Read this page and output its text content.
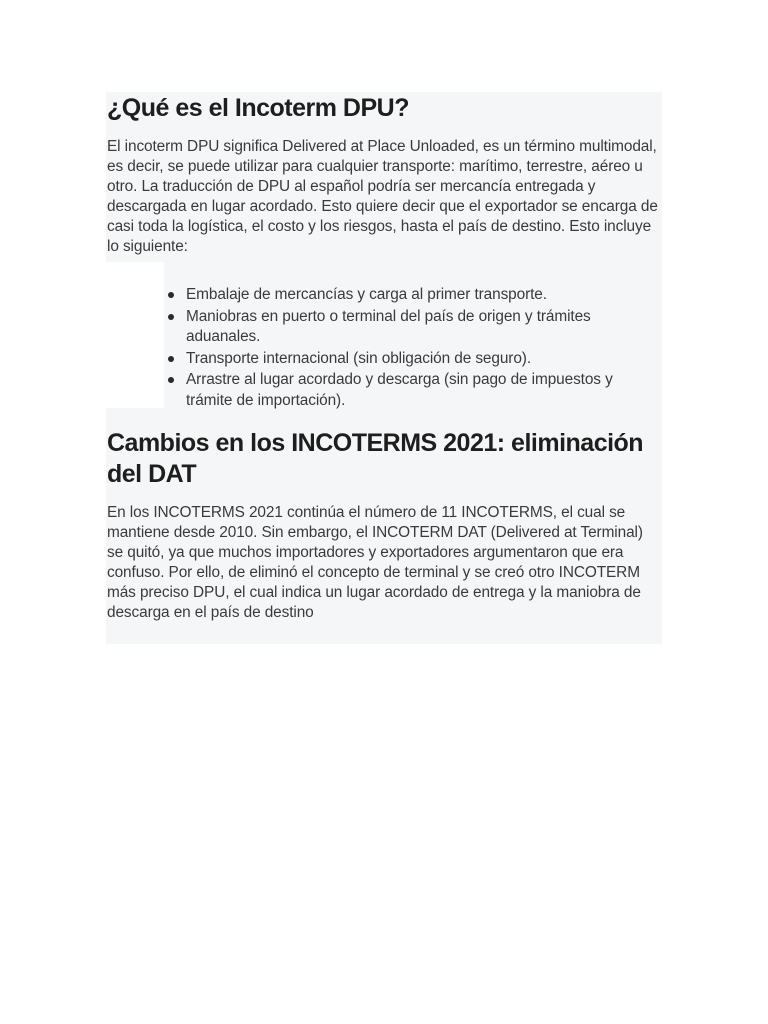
¿Qué es el Incoterm DPU?

El incoterm DPU significa Delivered at Place Unloaded, es un término multimodal, es decir, se puede utilizar para cualquier transporte: marítimo, terrestre, aéreo u otro. La traducción de DPU al español podría ser mercancía entregada y descargada en lugar acordado. Esto quiere decir que el exportador se encarga de casi toda la logística, el costo y los riesgos, hasta el país de destino. Esto incluye lo siguiente:

Embalaje de mercancías y carga al primer transporte.
Maniobras en puerto o terminal del país de origen y trámites aduanales.
Transporte internacional (sin obligación de seguro).
Arrastre al lugar acordado y descarga (sin pago de impuestos y trámite de importación).
Cambios en los INCOTERMS 2021: eliminación del DAT

En los INCOTERMS 2021 continúa el número de 11 INCOTERMS, el cual se mantiene desde 2010. Sin embargo, el INCOTERM DAT (Delivered at Terminal) se quitó, ya que muchos importadores y exportadores argumentaron que era confuso. Por ello, de eliminó el concepto de terminal y se creó otro INCOTERM más preciso DPU, el cual indica un lugar acordado de entrega y la maniobra de descarga en el país de destino
